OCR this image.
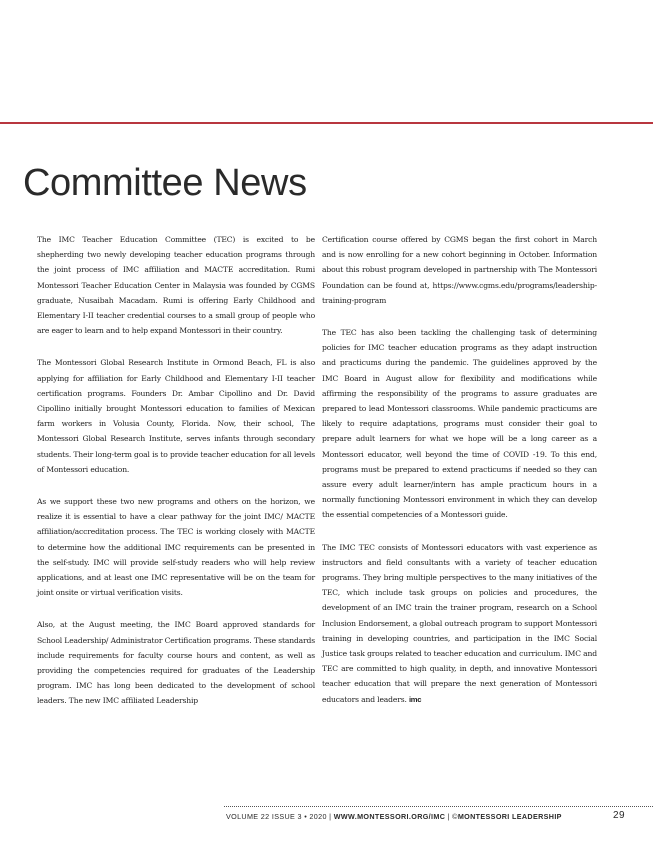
Committee News

The IMC Teacher Education Committee (TEC) is excited to be shepherding two newly developing teacher education programs through the joint process of IMC affiliation and MACTE accreditation. Rumi Montessori Teacher Education Center in Malaysia was founded by CGMS graduate, Nusaibah Macadam. Rumi is offering Early Childhood and Elementary I-II teacher credential courses to a small group of people who are eager to learn and to help expand Montessori in their country.

The Montessori Global Research Institute in Ormond Beach, FL is also applying for affiliation for Early Childhood and Elementary I-II teacher certification programs. Founders Dr. Ambar Cipollino and Dr. David Cipollino initially brought Montessori education to families of Mexican farm workers in Volusia County, Florida. Now, their school, The Montessori Global Research Institute, serves infants through secondary students. Their long-term goal is to provide teacher education for all levels of Montessori education.

As we support these two new programs and others on the horizon, we realize it is essential to have a clear pathway for the joint IMC/ MACTE affiliation/accreditation process. The TEC is working closely with MACTE to determine how the additional IMC requirements can be presented in the self-study. IMC will provide self-study readers who will help review applications, and at least one IMC representative will be on the team for joint onsite or virtual verification visits.

Also, at the August meeting, the IMC Board approved standards for School Leadership/ Administrator Certification programs. These standards include requirements for faculty course hours and content, as well as providing the competencies required for graduates of the Leadership program. IMC has long been dedicated to the development of school leaders. The new IMC affiliated Leadership

Certification course offered by CGMS began the first cohort in March and is now enrolling for a new cohort beginning in October. Information about this robust program developed in partnership with The Montessori Foundation can be found at, https://www.cgms.edu/programs/leadership-training-program

The TEC has also been tackling the challenging task of determining policies for IMC teacher education programs as they adapt instruction and practicums during the pandemic. The guidelines approved by the IMC Board in August allow for flexibility and modifications while affirming the responsibility of the programs to assure graduates are prepared to lead Montessori classrooms. While pandemic practicums are likely to require adaptations, programs must consider their goal to prepare adult learners for what we hope will be a long career as a Montessori educator, well beyond the time of COVID -19. To this end, programs must be prepared to extend practicums if needed so they can assure every adult learner/intern has ample practicum hours in a normally functioning Montessori environment in which they can develop the essential competencies of a Montessori guide.

The IMC TEC consists of Montessori educators with vast experience as instructors and field consultants with a variety of teacher education programs. They bring multiple perspectives to the many initiatives of the TEC, which include task groups on policies and procedures, the development of an IMC train the trainer program, research on a School Inclusion Endorsement, a global outreach program to support Montessori training in developing countries, and participation in the IMC Social Justice task groups related to teacher education and curriculum. IMC and TEC are committed to high quality, in depth, and innovative Montessori teacher education that will prepare the next generation of Montessori educators and leaders. imc

VOLUME 22 ISSUE 3 • 2020 | WWW.MONTESSORI.ORG/IMC | ©MONTESSORI LEADERSHIP	29
